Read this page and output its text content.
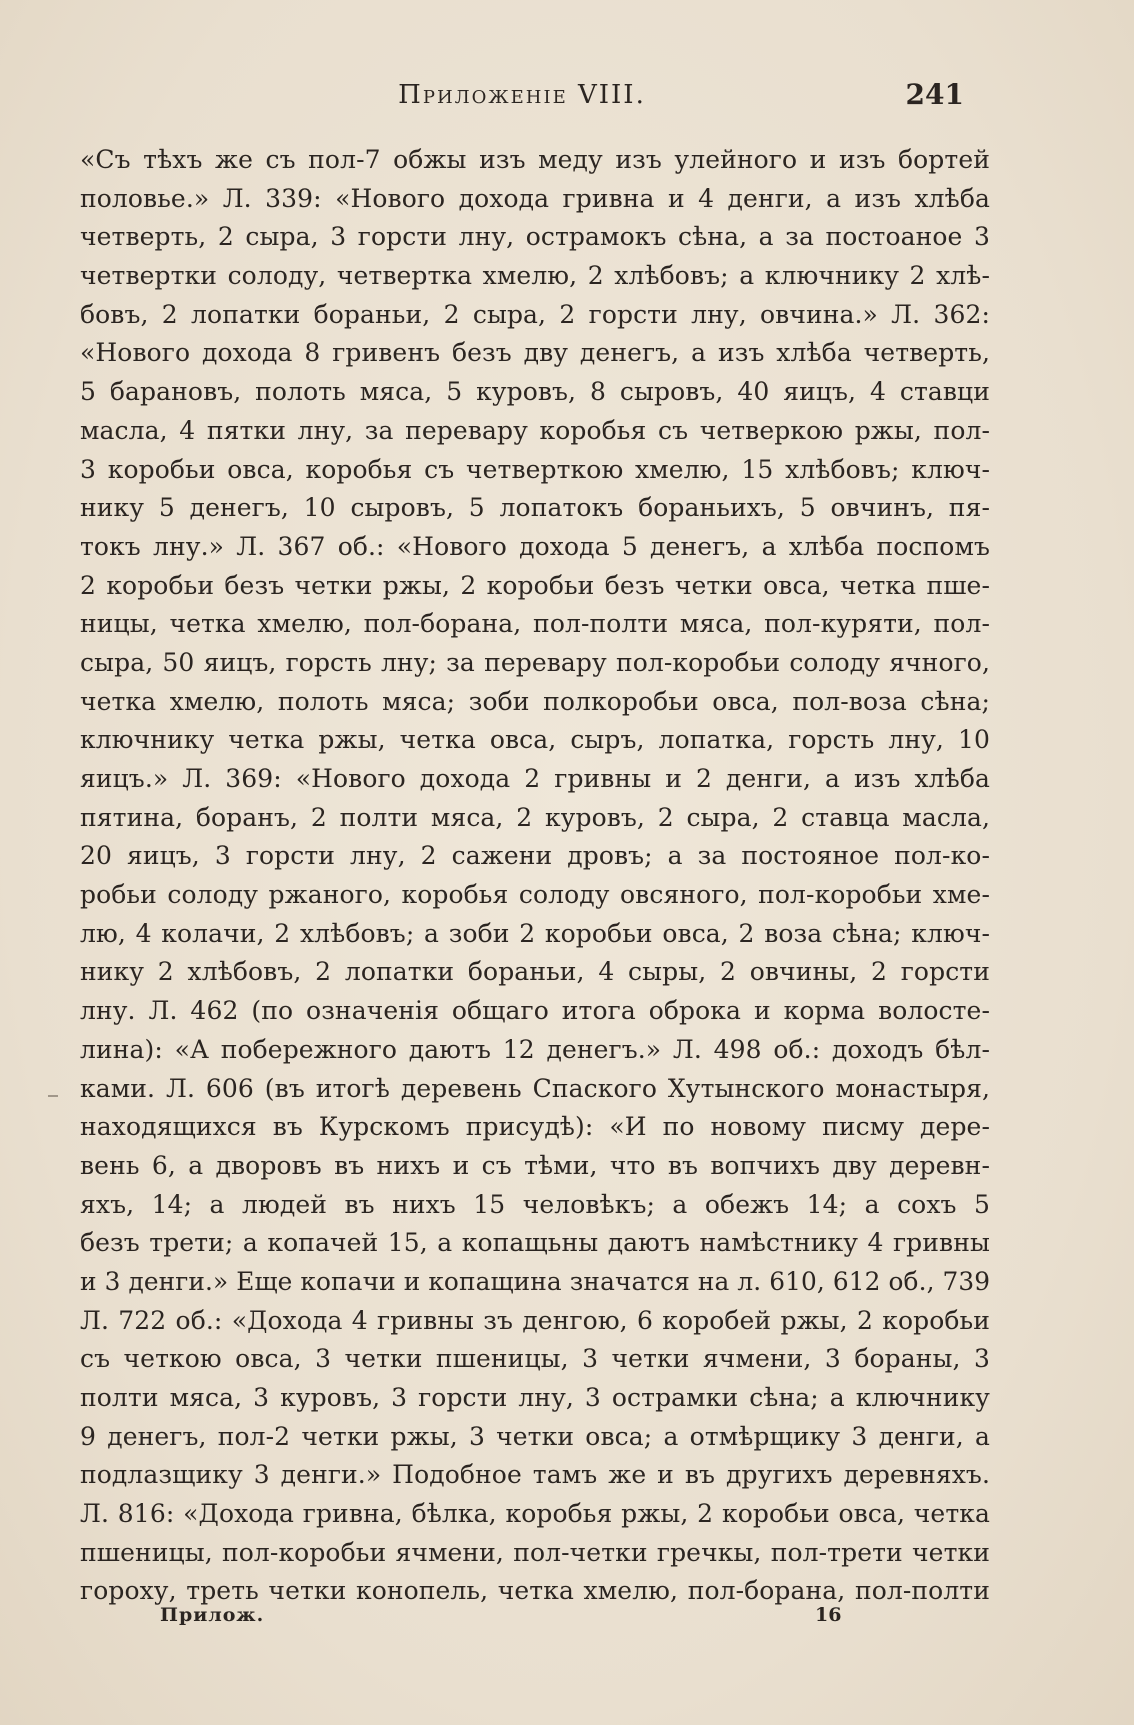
Приложеніе VIII.	241
«Съ тѣхъ же съ пол-7 обжы изъ меду изъ улейного и изъ бортей
половье.» Л. 339: «Нового дохода гривна и 4 денги, а изъ хлѣба
четверть, 2 сыра, 3 горсти лну, острамокъ сѣна, а за постоаное 3
четвертки солоду, четвертка хмелю, 2 хлѣбовъ; а ключнику 2 хлѣ-
бовъ, 2 лопатки бораньи, 2 сыра, 2 горсти лну, овчина.» Л. 362:
«Нового дохода 8 гривенъ безъ дву денегъ, а изъ хлѣба четверть,
5 барановъ, полоть мяса, 5 куровъ, 8 сыровъ, 40 яицъ, 4 ставци
масла, 4 пятки лну, за перевару коробья съ четверкою ржы, пол-
3 коробьи овса, коробья съ четверткою хмелю, 15 хлѣбовъ; ключ-
нику 5 денегъ, 10 сыровъ, 5 лопатокъ бораньихъ, 5 овчинъ, пя-
токъ лну.» Л. 367 об.: «Нового дохода 5 денегъ, а хлѣба поспомъ
2 коробьи безъ четки ржы, 2 коробьи безъ четки овса, четка пше-
ницы, четка хмелю, пол-борана, пол-полти мяса, пол-куряти, пол-
сыра, 50 яицъ, горсть лну; за перевару пол-коробьи солоду ячного,
четка хмелю, полоть мяса; зоби полкоробьи овса, пол-воза сѣна;
ключнику четка ржы, четка овса, сыръ, лопатка, горсть лну, 10
яицъ.» Л. 369: «Нового дохода 2 гривны и 2 денги, а изъ хлѣба
пятина, боранъ, 2 полти мяса, 2 куровъ, 2 сыра, 2 ставца масла,
20 яицъ, 3 горсти лну, 2 сажени дровъ; а за постояное пол-ко-
робьи солоду ржаного, коробья солоду овсяного, пол-коробьи хме-
лю, 4 колачи, 2 хлѣбовъ; а зоби 2 коробьи овса, 2 воза сѣна; ключ-
нику 2 хлѣбовъ, 2 лопатки бораньи, 4 сыры, 2 овчины, 2 горсти
лну. Л. 462 (по означенія общаго итога оброка и корма волосте-
лина): «А побережного даютъ 12 денегъ.» Л. 498 об.: доходъ бѣл-
ками. Л. 606 (въ итогѣ деревень Спаского Хутынского монастыря,
находящихся въ Курскомъ присудѣ): «И по новому писму дере-
вень 6, а дворовъ въ нихъ и съ тѣми, что въ вопчихъ дву деревн-
яхъ, 14; а людей въ нихъ 15 человѣкъ; а обежъ 14; а сохъ 5
безъ трети; а копачей 15, а копащьны даютъ намѣстнику 4 гривны
и 3 денги.» Еще копачи и копащина значатся на л. 610, 612 об., 739
Л. 722 об.: «Дохода 4 гривны зъ денгою, 6 коробей ржы, 2 коробьи
съ четкою овса, 3 четки пшеницы, 3 четки ячмени, 3 бораны, 3
полти мяса, 3 куровъ, 3 горсти лну, 3 острамки сѣна; а ключнику
9 денегъ, пол-2 четки ржы, 3 четки овса; а отмѣрщику 3 денги, а
подлазщику 3 денги.» Подобное тамъ же и въ другихъ деревняхъ.
Л. 816: «Дохода гривна, бѣлка, коробья ржы, 2 коробьи овса, четка
пшеницы, пол-коробьи ячмени, пол-четки гречкы, пол-трети четки
гороху, треть четки конопель, четка хмелю, пол-борана, пол-полти
Прилож.	16
